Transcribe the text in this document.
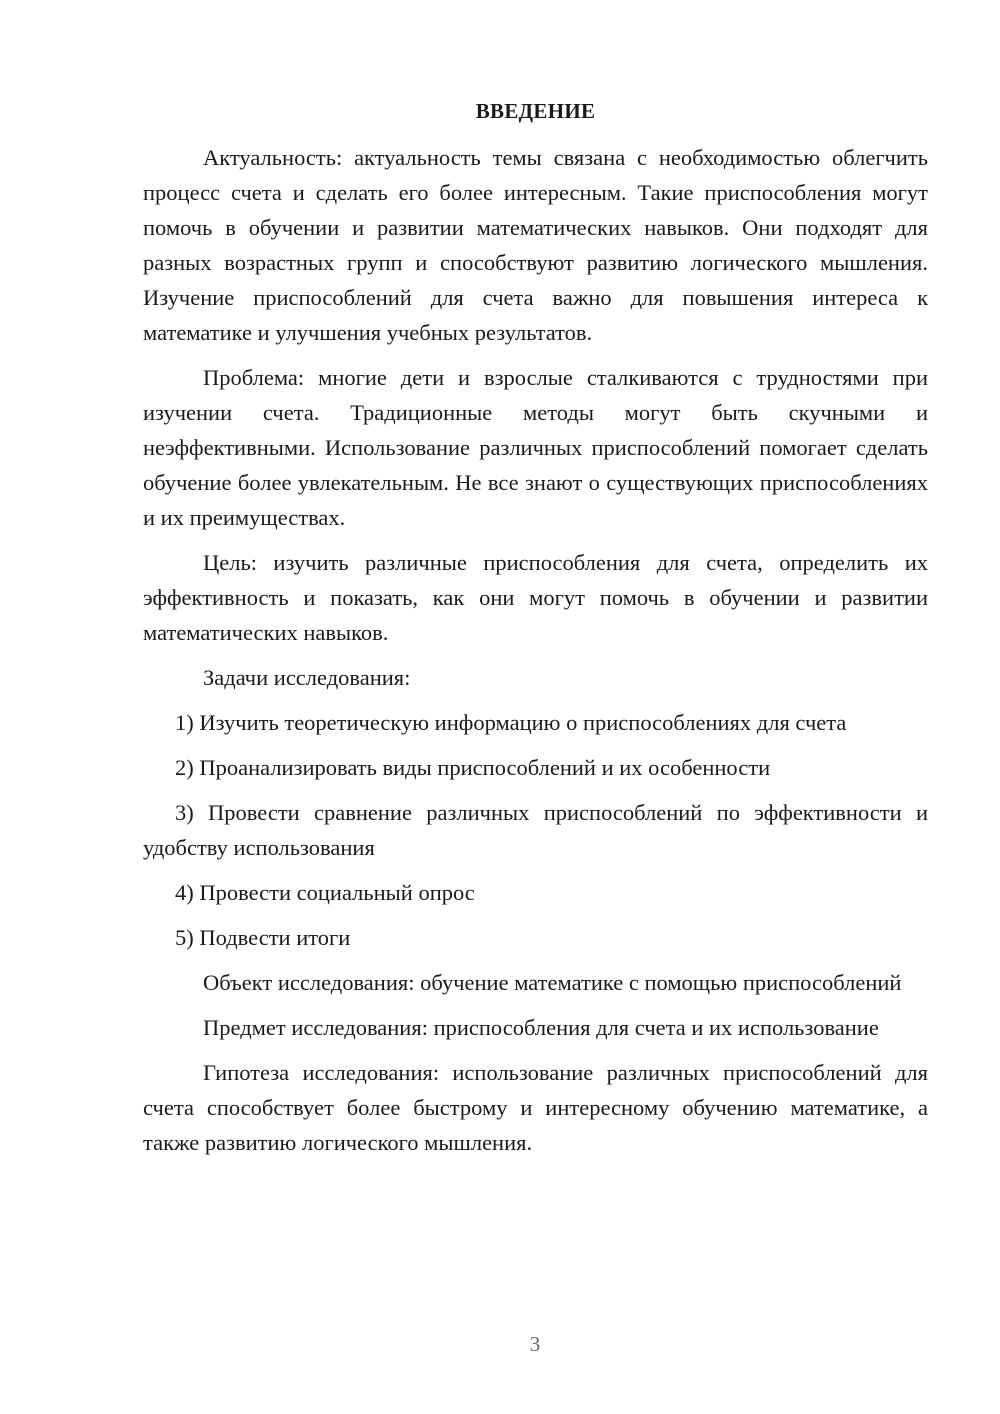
ВВЕДЕНИЕ

Актуальность: актуальность темы связана с необходимостью облегчить процесс счета и сделать его более интересным. Такие приспособления могут помочь в обучении и развитии математических навыков. Они подходят для разных возрастных групп и способствуют развитию логического мышления. Изучение приспособлений для счета важно для повышения интереса к математике и улучшения учебных результатов.

Проблема: многие дети и взрослые сталкиваются с трудностями при изучении счета. Традиционные методы могут быть скучными и неэффективными. Использование различных приспособлений помогает сделать обучение более увлекательным. Не все знают о существующих приспособлениях и их преимуществах.

Цель: изучить различные приспособления для счета, определить их эффективность и показать, как они могут помочь в обучении и развитии математических навыков.

Задачи исследования:

1) Изучить теоретическую информацию о приспособлениях для счета

2) Проанализировать виды приспособлений и их особенности

3) Провести сравнение различных приспособлений по эффективности и удобству использования

4) Провести социальный опрос

5) Подвести итоги

Объект исследования: обучение математике с помощью приспособлений

Предмет исследования: приспособления для счета и их использование

Гипотеза исследования: использование различных приспособлений для счета способствует более быстрому и интересному обучению математике, а также развитию логического мышления.

3
